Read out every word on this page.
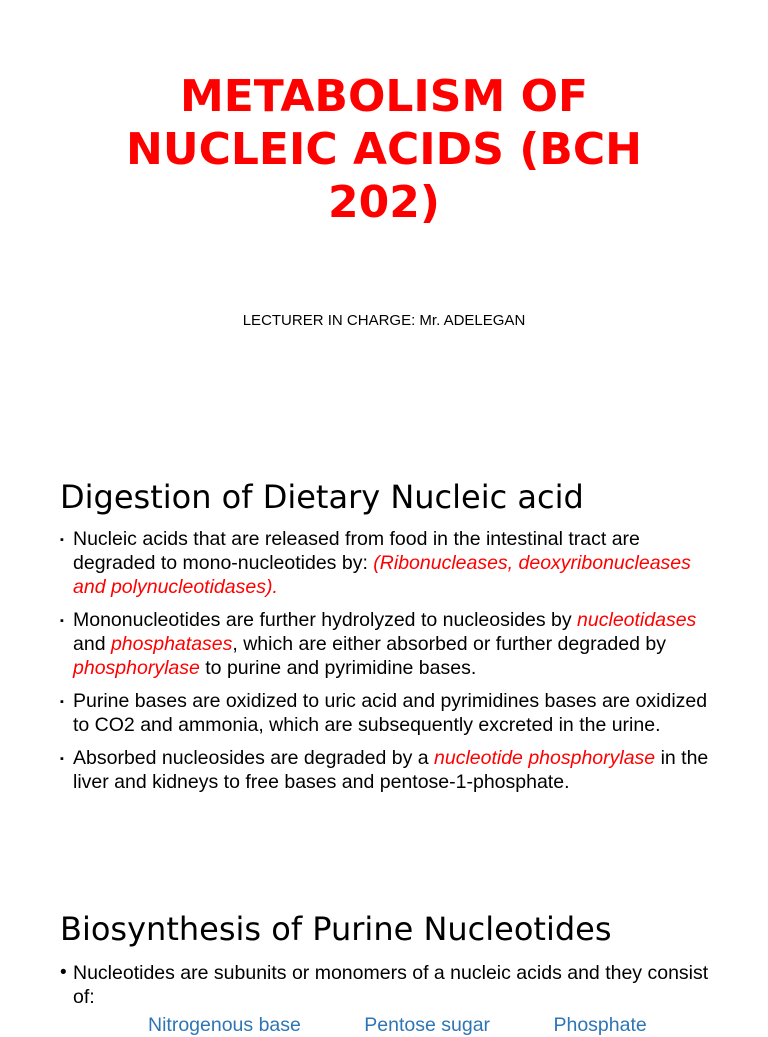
METABOLISM OF NUCLEIC ACIDS (BCH 202)
LECTURER IN CHARGE: Mr. ADELEGAN
Digestion of Dietary Nucleic acid
▪ Nucleic acids that are released from food in the intestinal tract are degraded to mono-nucleotides by: (Ribonucleases, deoxyribonucleases and polynucleotidases).
▪ Mononucleotides are further hydrolyzed to nucleosides by nucleotidases and phosphatases, which are either absorbed or further degraded by phosphorylase to purine and pyrimidine bases.
▪ Purine bases are oxidized to uric acid and pyrimidines bases are oxidized to CO2 and ammonia, which are subsequently excreted in the urine.
▪ Absorbed nucleosides are degraded by a nucleotide phosphorylase in the liver and kidneys to free bases and pentose-1-phosphate.
Biosynthesis of Purine Nucleotides
• Nucleotides are subunits or monomers of a nucleic acids and they consist of:
Nitrogenous base	Pentose sugar	Phosphate
